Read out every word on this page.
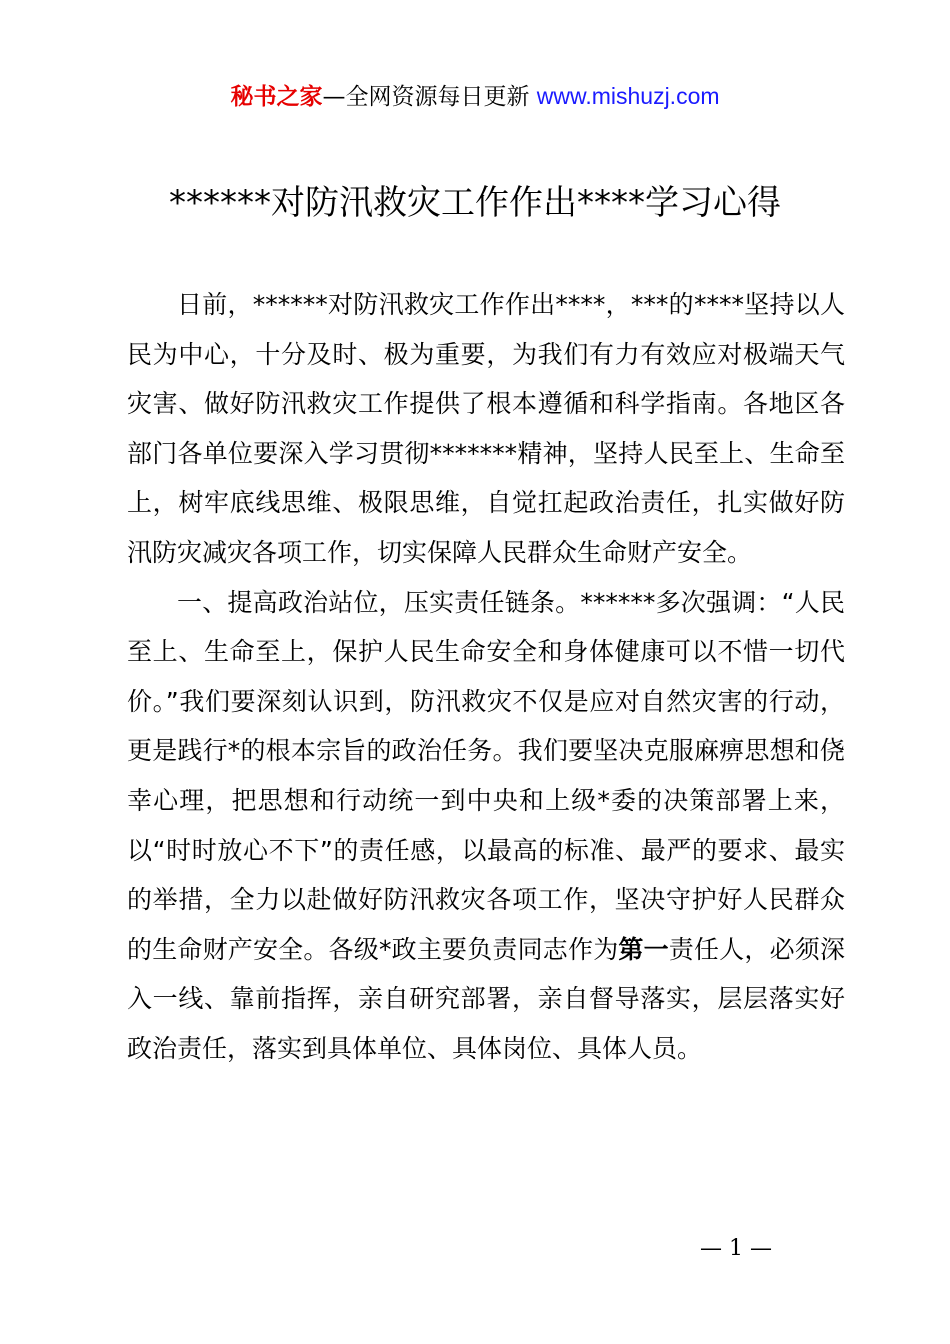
秘书之家—全网资源每日更新 www.mishuzj.com
******对防汛救灾工作作出****学习心得

日前，******对防汛救灾工作作出****，***的****坚持以人民为中心，十分及时、极为重要，为我们有力有效应对极端天气灾害、做好防汛救灾工作提供了根本遵循和科学指南。各地区各部门各单位要深入学习贯彻*******精神，坚持人民至上、生命至上，树牢底线思维、极限思维，自觉扛起政治责任，扎实做好防汛防灾减灾各项工作，切实保障人民群众生命财产安全。

一、提高政治站位，压实责任链条。******多次强调：“人民至上、生命至上，保护人民生命安全和身体健康可以不惜一切代价。”我们要深刻认识到，防汛救灾不仅是应对自然灾害的行动，更是践行*的根本宗旨的政治任务。我们要坚决克服麻痹思想和侥幸心理，把思想和行动统一到中央和上级*委的决策部署上来，以“时时放心不下”的责任感，以最高的标准、最严的要求、最实的举措，全力以赴做好防汛救灾各项工作，坚决守护好人民群众的生命财产安全。各级*政主要负责同志作为第一责任人，必须深入一线、靠前指挥，亲自研究部署，亲自督导落实，层层落实好政治责任，落实到具体单位、具体岗位、具体人员。

— 1 —
